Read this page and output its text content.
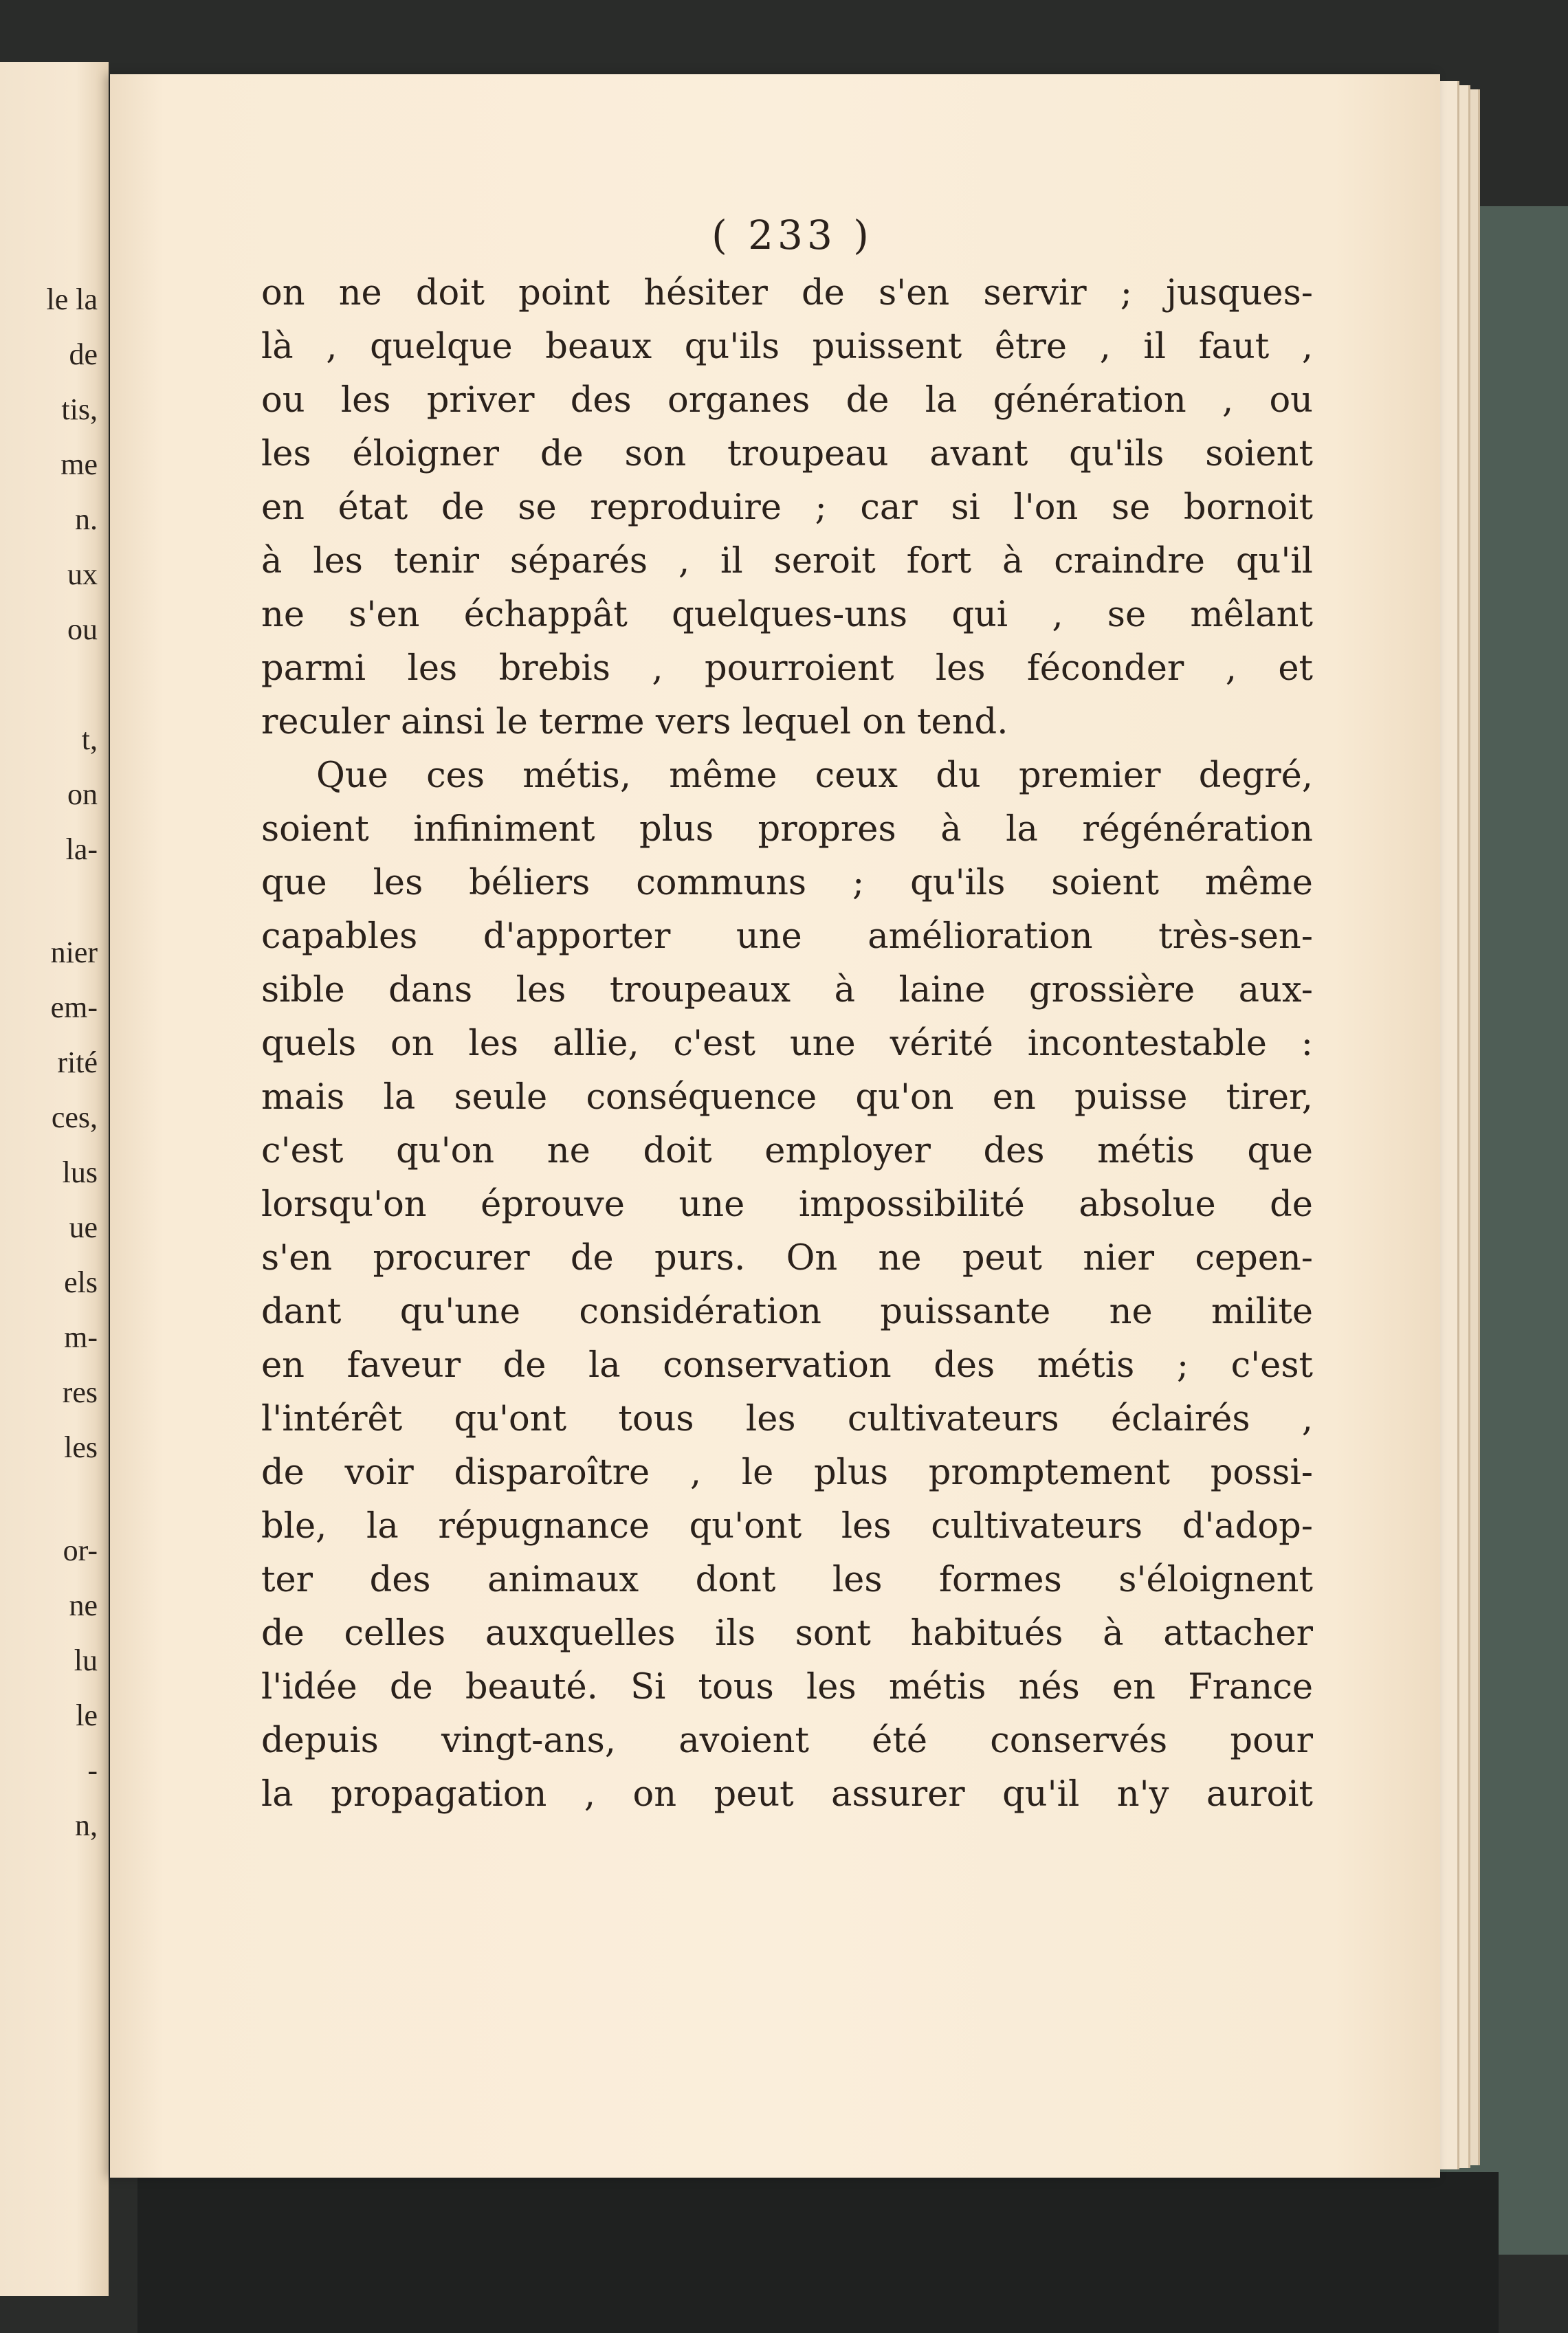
le la
de
tis,
me
n.
ux
ou
t,
on
la-
nier
em-
rité
ces,
lus
ue
els
m-
res
les
or-
ne
lu
le
-
n,
( 233 )
on ne doit point hésiter de s'en servir ; jusques-
là , quelque beaux qu'ils puissent être , il faut ,
ou les priver des organes de la génération , ou
les éloigner de son troupeau avant qu'ils soient
en état de se reproduire ; car si l'on se bornoit
à les tenir séparés , il seroit fort à craindre qu'il
ne s'en échappât quelques-uns qui , se mêlant
parmi les brebis , pourroient les féconder , et
reculer ainsi le terme vers lequel on tend.
Que ces métis, même ceux du premier degré,
soient infiniment plus propres à la régénération
que les béliers communs ; qu'ils soient même
capables d'apporter une amélioration très-sen-
sible dans les troupeaux à laine grossière aux-
quels on les allie, c'est une vérité incontestable :
mais la seule conséquence qu'on en puisse tirer,
c'est qu'on ne doit employer des métis que
lorsqu'on éprouve une impossibilité absolue de
s'en procurer de purs. On ne peut nier cepen-
dant qu'une considération puissante ne milite
en faveur de la conservation des métis ; c'est
l'intérêt qu'ont tous les cultivateurs éclairés ,
de voir disparoître , le plus promptement possi-
ble, la répugnance qu'ont les cultivateurs d'adop-
ter des animaux dont les formes s'éloignent
de celles auxquelles ils sont habitués à attacher
l'idée de beauté. Si tous les métis nés en France
depuis vingt-ans, avoient été conservés pour
la propagation , on peut assurer qu'il n'y auroit
